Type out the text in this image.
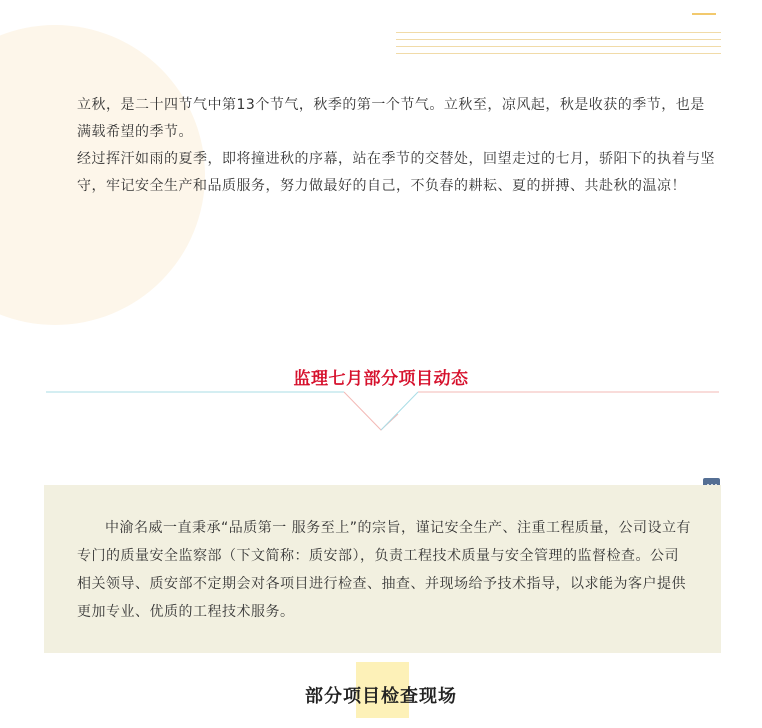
立秋，是二十四节气中第13个节气，秋季的第一个节气。立秋至，凉风起，秋是收获的季节，也是满载希望的季节。

经过挥汗如雨的夏季，即将撞进秋的序幕，站在季节的交替处，回望走过的七月，骄阳下的执着与坚守，牢记安全生产和品质服务，努力做最好的自己，不负春的耕耘、夏的拼搏、共赴秋的温凉！

监理七月部分项目动态

中渝名威一直秉承“品质第一 服务至上”的宗旨，谨记安全生产、注重工程质量，公司设立有专门的质量安全监察部（下文简称：质安部），负责工程技术质量与安全管理的监督检查。公司相关领导、质安部不定期会对各项目进行检查、抽查、并现场给予技术指导，以求能为客户提供更加专业、优质的工程技术服务。

部分项目检查现场
